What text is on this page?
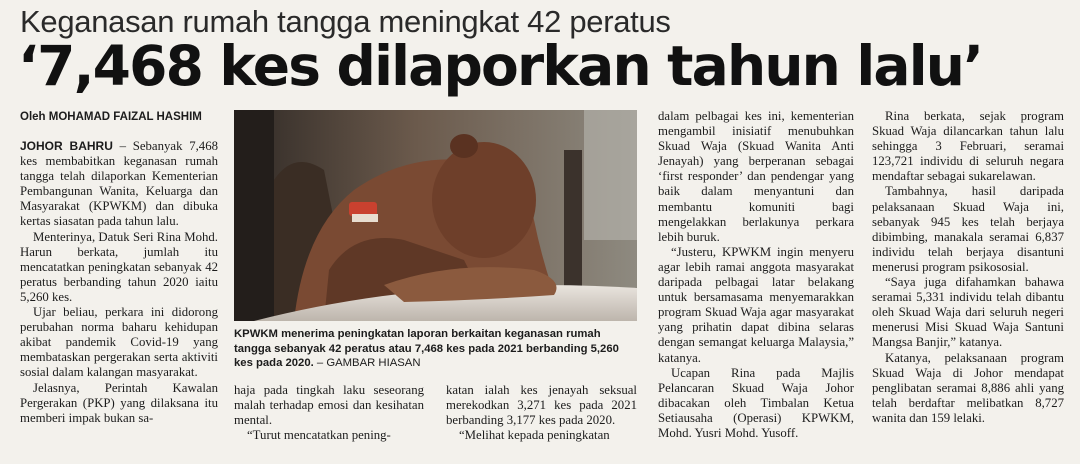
Keganasan rumah tangga meningkat 42 peratus
‘7,468 kes dilaporkan tahun lalu’
Oleh MOHAMAD FAIZAL HASHIM

JOHOR BAHRU – Sebanyak 7,468 kes membabitkan keganasan rumah tangga telah dilaporkan Kementerian Pembangunan Wanita, Keluarga dan Masyarakat (KPWKM) dan dibuka kertas siasatan pada tahun lalu.

Menterinya, Datuk Seri Rina Mohd. Harun berkata, jumlah itu mencatatkan peningkatan sebanyak 42 peratus berbanding tahun 2020 iaitu 5,260 kes.

Ujar beliau, perkara ini didorong perubahan norma baharu kehidupan akibat pandemik Covid-19 yang membataskan pergerakan serta aktiviti sosial dalam kalangan masyarakat.

Jelasnya, Perintah Kawalan Pergerakan (PKP) yang dilaksana itu memberi impak bukan sa-

KPWKM menerima peningkatan laporan berkaitan keganasan rumah tangga sebanyak 42 peratus atau 7,468 kes pada 2021 berbanding 5,260 kes pada 2020. – GAMBAR HIASAN

haja pada tingkah laku seseorang malah terhadap emosi dan kesihatan mental.

“Turut mencatatkan pening-

katan ialah kes jenayah seksual merekodkan 3,271 kes pada 2021 berbanding 3,177 kes pada 2020.

“Melihat kepada peningkatan

dalam pelbagai kes ini, kementerian mengambil inisiatif menubuhkan Skuad Waja (Skuad Wanita Anti Jenayah) yang berperanan sebagai ‘first responder’ dan pendengar yang baik dalam menyantuni dan membantu komuniti bagi mengelakkan berlakunya perkara lebih buruk.

“Justeru, KPWKM ingin menyeru agar lebih ramai anggota masyarakat daripada pelbagai latar belakang untuk bersamasama menyemarakkan program Skuad Waja agar masyarakat yang prihatin dapat dibina selaras dengan semangat keluarga Malaysia,” katanya.

Ucapan Rina pada Majlis Pelancaran Skuad Waja Johor dibacakan oleh Timbalan Ketua Setiausaha (Operasi) KPWKM, Mohd. Yusri Mohd. Yusoff.

Rina berkata, sejak program Skuad Waja dilancarkan tahun lalu sehingga 3 Februari, seramai 123,721 individu di seluruh negara mendaftar sebagai sukarelawan.

Tambahnya, hasil daripada pelaksanaan Skuad Waja ini, sebanyak 945 kes telah berjaya dibimbing, manakala seramai 6,837 individu telah berjaya disantuni menerusi program psikososial.

“Saya juga difahamkan bahawa seramai 5,331 individu telah dibantu oleh Skuad Waja dari seluruh negeri menerusi Misi Skuad Waja Santuni Mangsa Banjir,” katanya.

Katanya, pelaksanaan program Skuad Waja di Johor mendapat penglibatan seramai 8,886 ahli yang telah berdaftar melibatkan 8,727 wanita dan 159 lelaki.
